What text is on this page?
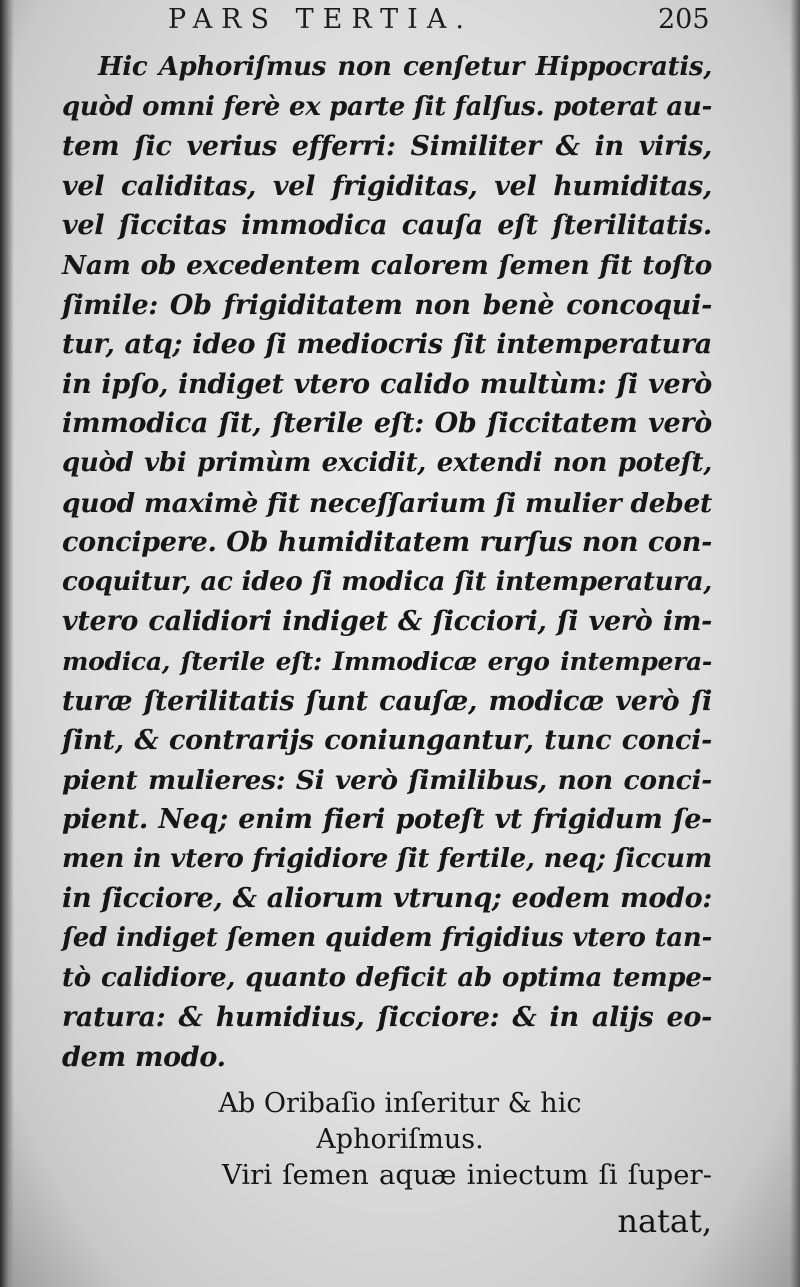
PARS TERTIA.	205
Hic Aphoriſmus non cenſetur Hippocratis,
quòd omni ferè ex parte ſit falſus. poterat au-
tem ſic verius efferri: Similiter & in viris,
vel caliditas, vel frigiditas, vel humiditas,
vel ſiccitas immodica cauſa eſt ſterilitatis.
Nam ob excedentem calorem ſemen fit toſto
ſimile: Ob frigiditatem non benè concoqui-
tur, atq; ideo ſi mediocris ſit intemperatura
in ipſo, indiget vtero calido multùm: ſi verò
immodica ſit, ſterile eſt: Ob ſiccitatem verò
quòd vbi primùm excidit, extendi non poteſt,
quod maximè fit neceſſarium ſi mulier debet
concipere. Ob humiditatem rurſus non con-
coquitur, ac ideo ſi modica ſit intemperatura,
vtero calidiori indiget & ſicciori, ſi verò im-
modica, ſterile eſt: Immodicæ ergo intempera-
turæ ſterilitatis ſunt cauſæ, modicæ verò ſi
ſint, & contrarijs coniungantur, tunc conci-
pient mulieres: Si verò ſimilibus, non conci-
pient. Neq; enim fieri poteſt vt frigidum ſe-
men in vtero frigidiore ſit fertile, neq; ſiccum
in ſicciore, & aliorum vtrunq; eodem modo:
ſed indiget ſemen quidem frigidius vtero tan-
tò calidiore, quanto deficit ab optima tempe-
ratura: & humidius, ſicciore: & in alijs eo-
dem modo.
Ab Oribaſio inſeritur & hic
Aphoriſmus.
Viri ſemen aquæ iniectum ſi ſuper-
natat,
